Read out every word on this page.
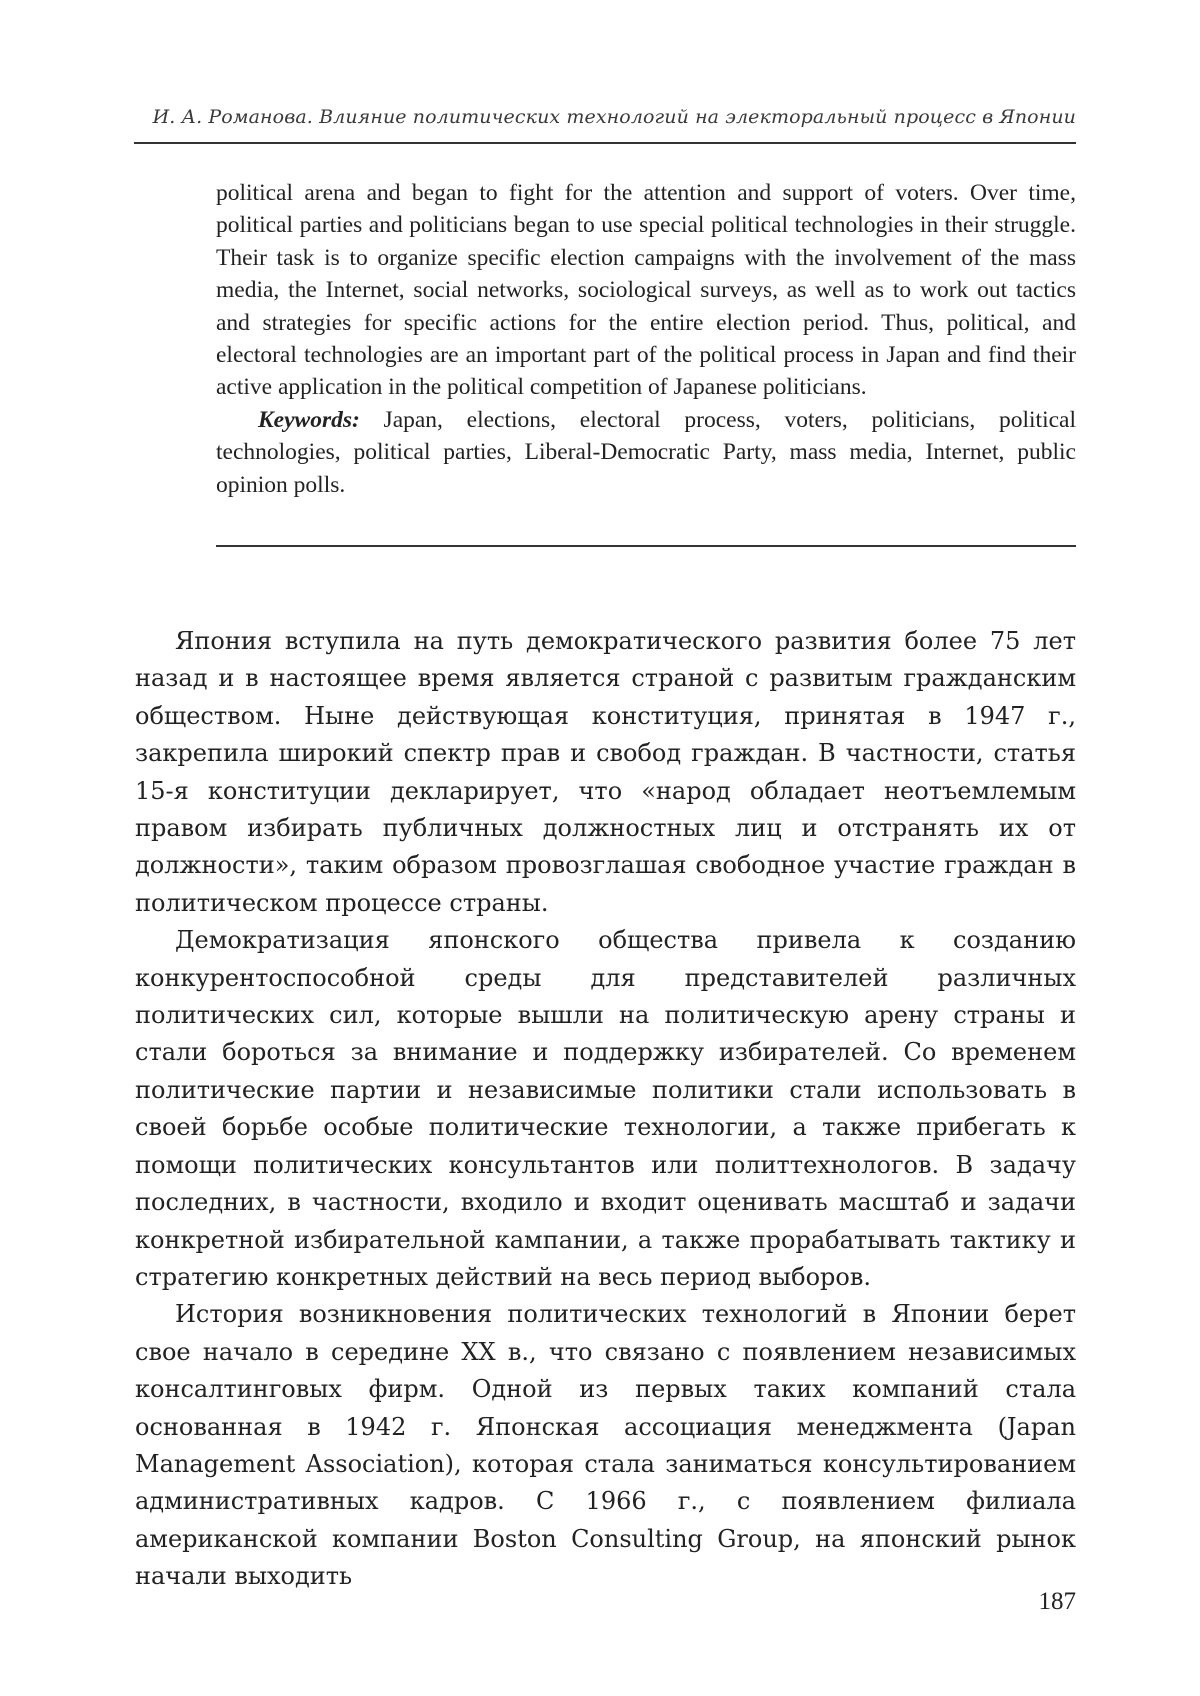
И. А. Романова. Влияние политических технологий на электоральный процесс в Японии

political arena and began to fight for the attention and support of voters. Over time, political parties and politicians began to use special political technologies in their struggle. Their task is to organize specific election campaigns with the involvement of the mass media, the Internet, social networks, sociological surveys, as well as to work out tactics and strategies for specific actions for the entire election period. Thus, political, and electoral technologies are an important part of the political process in Japan and find their active application in the political competition of Japanese politicians.

Keywords: Japan, elections, electoral process, voters, politicians, political technologies, political parties, Liberal-Democratic Party, mass media, Internet, public opinion polls.

Япония вступила на путь демократического развития более 75 лет назад и в настоящее время является страной с развитым гражданским обществом. Ныне действующая конституция, принятая в 1947 г., закрепила широкий спектр прав и свобод граждан. В частности, статья 15-я конституции декларирует, что «народ обладает неотъемлемым правом избирать публичных должностных лиц и отстранять их от должности», таким образом провозглашая свободное участие граждан в политическом процессе страны.

Демократизация японского общества привела к созданию конкурентоспособной среды для представителей различных политических сил, которые вышли на политическую арену страны и стали бороться за внимание и поддержку избирателей. Со временем политические партии и независимые политики стали использовать в своей борьбе особые политические технологии, а также прибегать к помощи политических консультантов или политтехнологов. В задачу последних, в частности, входило и входит оценивать масштаб и задачи конкретной избирательной кампании, а также прорабатывать тактику и стратегию конкретных действий на весь период выборов.

История возникновения политических технологий в Японии берет свое начало в середине XX в., что связано с появлением независимых консалтинговых фирм. Одной из первых таких компаний стала основанная в 1942 г. Японская ассоциация менеджмента (Japan Management Association), которая стала заниматься консультированием административных кадров. С 1966 г., с появлением филиала американской компании Boston Consulting Group, на японский рынок начали выходить

187
